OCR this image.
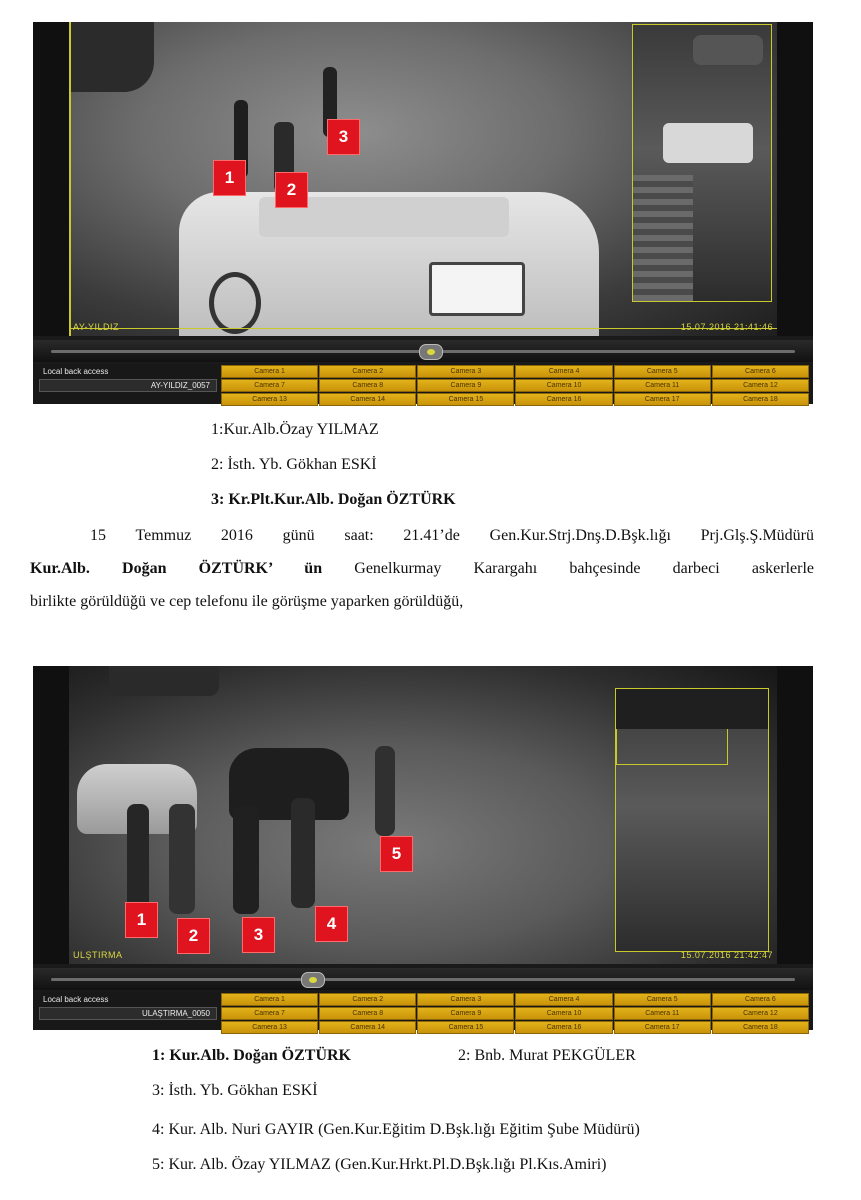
1
2
3
AY-YILDIZ	15.07.2016 21:41:46
Local back access
AY-YILDIZ_0057
Camera 1	Camera 2	Camera 3	Camera 4	Camera 5	Camera 6
Camera 7	Camera 8	Camera 9	Camera 10	Camera 11	Camera 12
Camera 13	Camera 14	Camera 15	Camera 16	Camera 17	Camera 18
1:Kur.Alb.Özay YILMAZ
2: İsth. Yb. Gökhan ESKİ
3: Kr.Plt.Kur.Alb. Doğan ÖZTÜRK
15 Temmuz 2016 günü saat: 21.41’de Gen.Kur.Strj.Dnş.D.Bşk.lığı Prj.Glş.Ş.Müdürü
Kur.Alb. Doğan ÖZTÜRK’ ün Genelkurmay Karargahı bahçesinde darbeci askerlerle
birlikte görüldüğü ve cep telefonu ile görüşme yaparken görüldüğü,
1
2	3
4
5
ULŞTIRMA	15.07.2016 21:42:47
Local back access
ULAŞTIRMA_0050
Camera 1	Camera 2	Camera 3	Camera 4	Camera 5	Camera 6
Camera 7	Camera 8	Camera 9	Camera 10	Camera 11	Camera 12
Camera 13	Camera 14	Camera 15	Camera 16	Camera 17	Camera 18
1: Kur.Alb. Doğan ÖZTÜRK	2: Bnb. Murat PEKGÜLER
3: İsth. Yb. Gökhan ESKİ
4: Kur. Alb. Nuri GAYIR (Gen.Kur.Eğitim D.Bşk.lığı Eğitim Şube Müdürü)
5: Kur. Alb. Özay YILMAZ (Gen.Kur.Hrkt.Pl.D.Bşk.lığı Pl.Kıs.Amiri)
